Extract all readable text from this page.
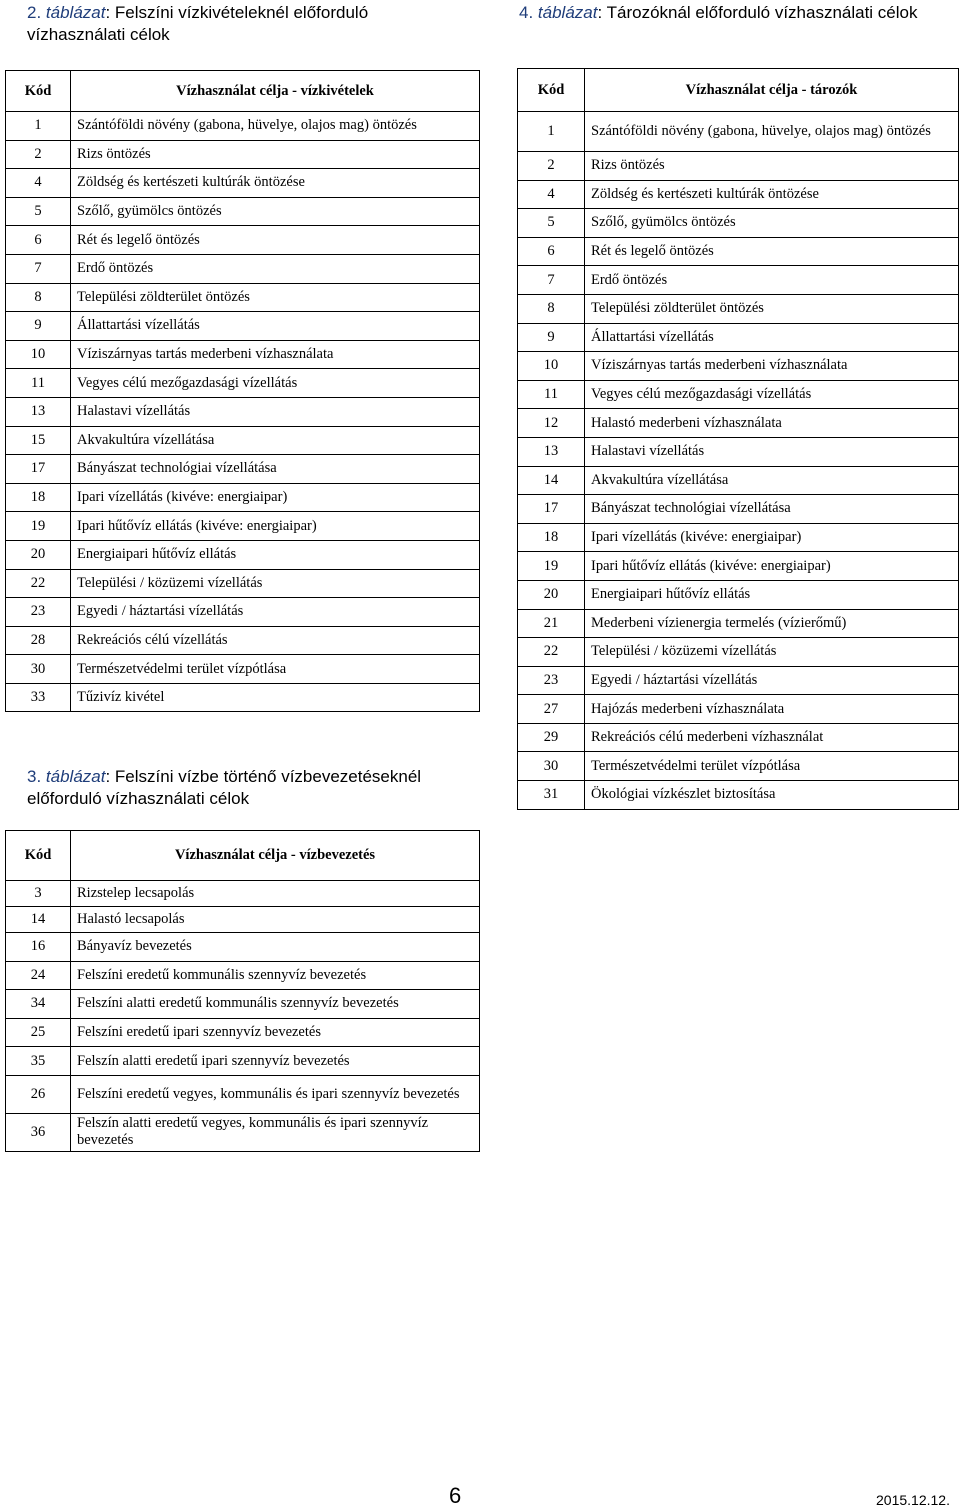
2. táblázat: Felszíni vízkivételeknél előforduló
vízhasználati célok
4. táblázat: Tározóknál előforduló vízhasználati célok
3. táblázat: Felszíni vízbe történő vízbevezetéseknél
előforduló vízhasználati célok
Kód	Vízhasználat célja - vízkivételek
1	Szántóföldi növény (gabona, hüvelye, olajos mag) öntözés
2	Rizs öntözés
4	Zöldség és kertészeti kultúrák öntözése
5	Szőlő, gyümölcs öntözés
6	Rét és legelő öntözés
7	Erdő öntözés
8	Települési zöldterület öntözés
9	Állattartási vízellátás
10	Víziszárnyas tartás mederbeni vízhasználata
11	Vegyes célú mezőgazdasági vízellátás
13	Halastavi vízellátás
15	Akvakultúra vízellátása
17	Bányászat technológiai vízellátása
18	Ipari vízellátás (kivéve: energiaipar)
19	Ipari hűtővíz ellátás (kivéve: energiaipar)
20	Energiaipari hűtővíz ellátás
22	Települési / közüzemi vízellátás
23	Egyedi / háztartási vízellátás
28	Rekreációs célú vízellátás
30	Természetvédelmi terület vízpótlása
33	Tűzivíz kivétel
Kód	Vízhasználat célja - tározók
1	Szántóföldi növény (gabona, hüvelye, olajos mag) öntözés
2	Rizs öntözés
4	Zöldség és kertészeti kultúrák öntözése
5	Szőlő, gyümölcs öntözés
6	Rét és legelő öntözés
7	Erdő öntözés
8	Települési zöldterület öntözés
9	Állattartási vízellátás
10	Víziszárnyas tartás mederbeni vízhasználata
11	Vegyes célú mezőgazdasági vízellátás
12	Halastó mederbeni vízhasználata
13	Halastavi vízellátás
14	Akvakultúra vízellátása
17	Bányászat technológiai vízellátása
18	Ipari vízellátás (kivéve: energiaipar)
19	Ipari hűtővíz ellátás (kivéve: energiaipar)
20	Energiaipari hűtővíz ellátás
21	Mederbeni vízienergia termelés (vízierőmű)
22	Települési / közüzemi vízellátás
23	Egyedi / háztartási vízellátás
27	Hajózás mederbeni vízhasználata
29	Rekreációs célú mederbeni vízhasználat
30	Természetvédelmi terület vízpótlása
31	Ökológiai vízkészlet biztosítása
Kód	Vízhasználat célja - vízbevezetés
3	Rizstelep lecsapolás
14	Halastó lecsapolás
16	Bányavíz bevezetés
24	Felszíni eredetű kommunális szennyvíz bevezetés
34	Felszíni alatti eredetű kommunális szennyvíz bevezetés
25	Felszíni eredetű ipari szennyvíz bevezetés
35	Felszín alatti eredetű ipari szennyvíz bevezetés
26	Felszíni eredetű vegyes, kommunális és ipari szennyvíz bevezetés
36	Felszín alatti eredetű vegyes, kommunális és ipari szennyvíz bevezetés
6	2015.12.12.
